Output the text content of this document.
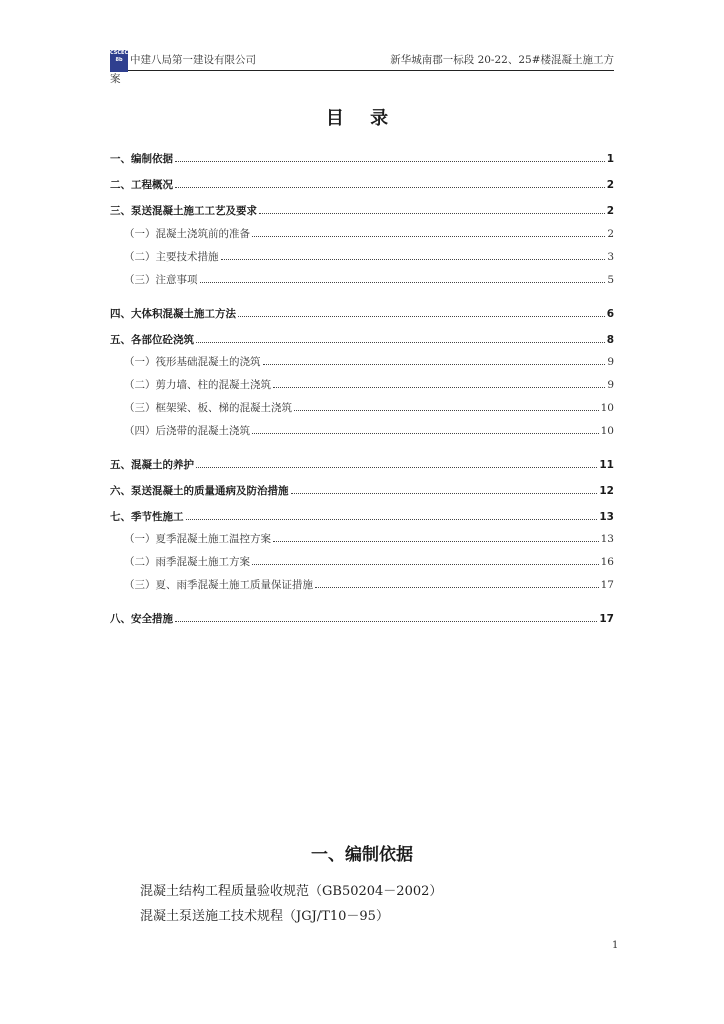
CSCEC 8b 中建八局第一建设有限公司	新华城南郡一标段 20-22、25#楼混凝土施工方
案
目 录
一、编制依据	1
二、工程概况	2
三、泵送混凝土施工工艺及要求	2
（一）混凝土浇筑前的准备	2
（二）主要技术措施	3
（三）注意事项	5
四、大体积混凝土施工方法	6
五、各部位砼浇筑	8
（一）筏形基础混凝土的浇筑	9
（二）剪力墙、柱的混凝土浇筑	9
（三）框架梁、板、梯的混凝土浇筑	10
（四）后浇带的混凝土浇筑	10
五、混凝土的养护	11
六、泵送混凝土的质量通病及防治措施	12
七、季节性施工	13
（一）夏季混凝土施工温控方案	13
（二）雨季混凝土施工方案	16
（三）夏、雨季混凝土施工质量保证措施	17
八、安全措施	17
一、编制依据
混凝土结构工程质量验收规范（GB50204－2002）
混凝土泵送施工技术规程（JGJ/T10－95）
1
